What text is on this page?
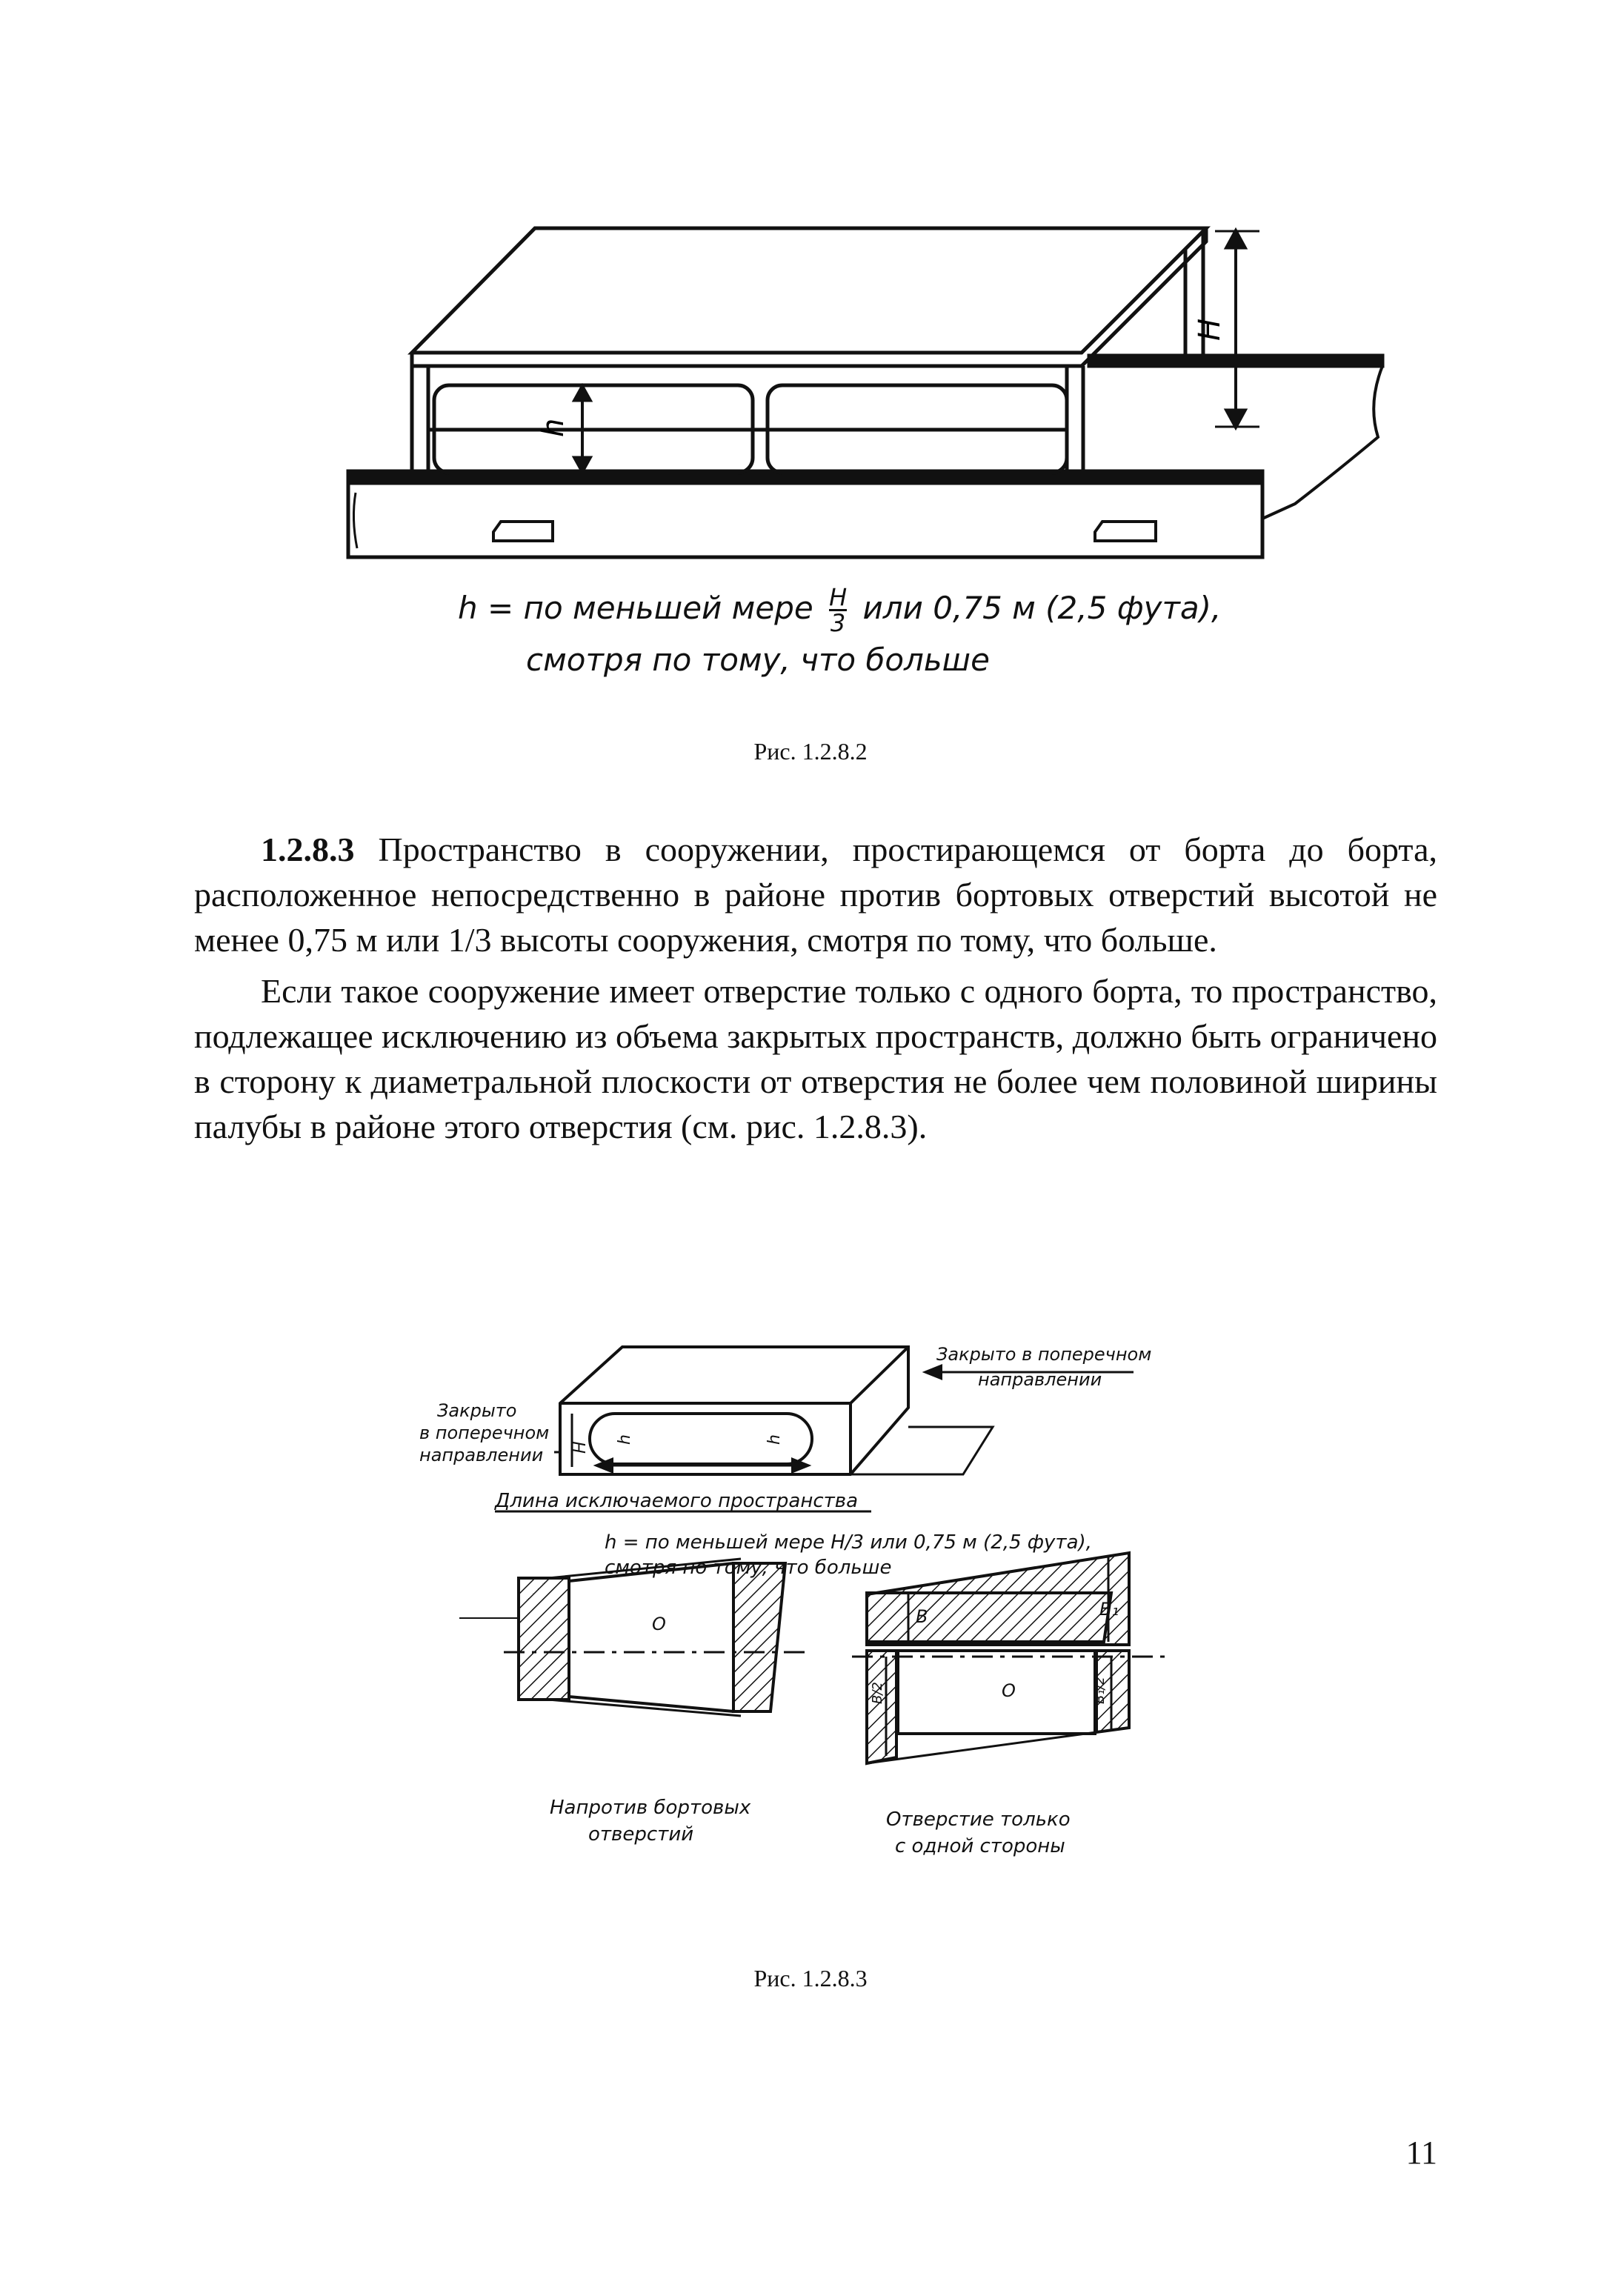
h
H
h = по меньшей мере $\frac{H}{3}$ или 0,75 м (2,5 фута),
смотря по тому, что больше
Рис. 1.2.8.2

1.2.8.3 Пространство в сооружении, простирающемся от борта до борта, расположенное непосредственно в районе против бортовых отверстий высотой не менее 0,75 м или 1/3 высоты сооружения, смотря по тому, что больше.

Если такое сооружение имеет отверстие только с одного борта, то пространство, подлежащее исключению из объема закрытых пространств, должно быть ограничено в сторону к диаметральной плоскости от отверстия не более чем половиной ширины палубы в районе этого отверстия (см. рис. 1.2.8.3).

Закрыто в поперечном
направлении
Закрыто
в поперечном
направлении H
h	h
Длина исключаемого пространства
h = по меньшей мере H/3 или 0,75 м (2,5 фута),
смотря по тому, что больше
О
О
В	В₁
В/2	В₁/2
Напротив бортовых
отверстий
Отверстие только
с одной стороны
Рис. 1.2.8.3
11
